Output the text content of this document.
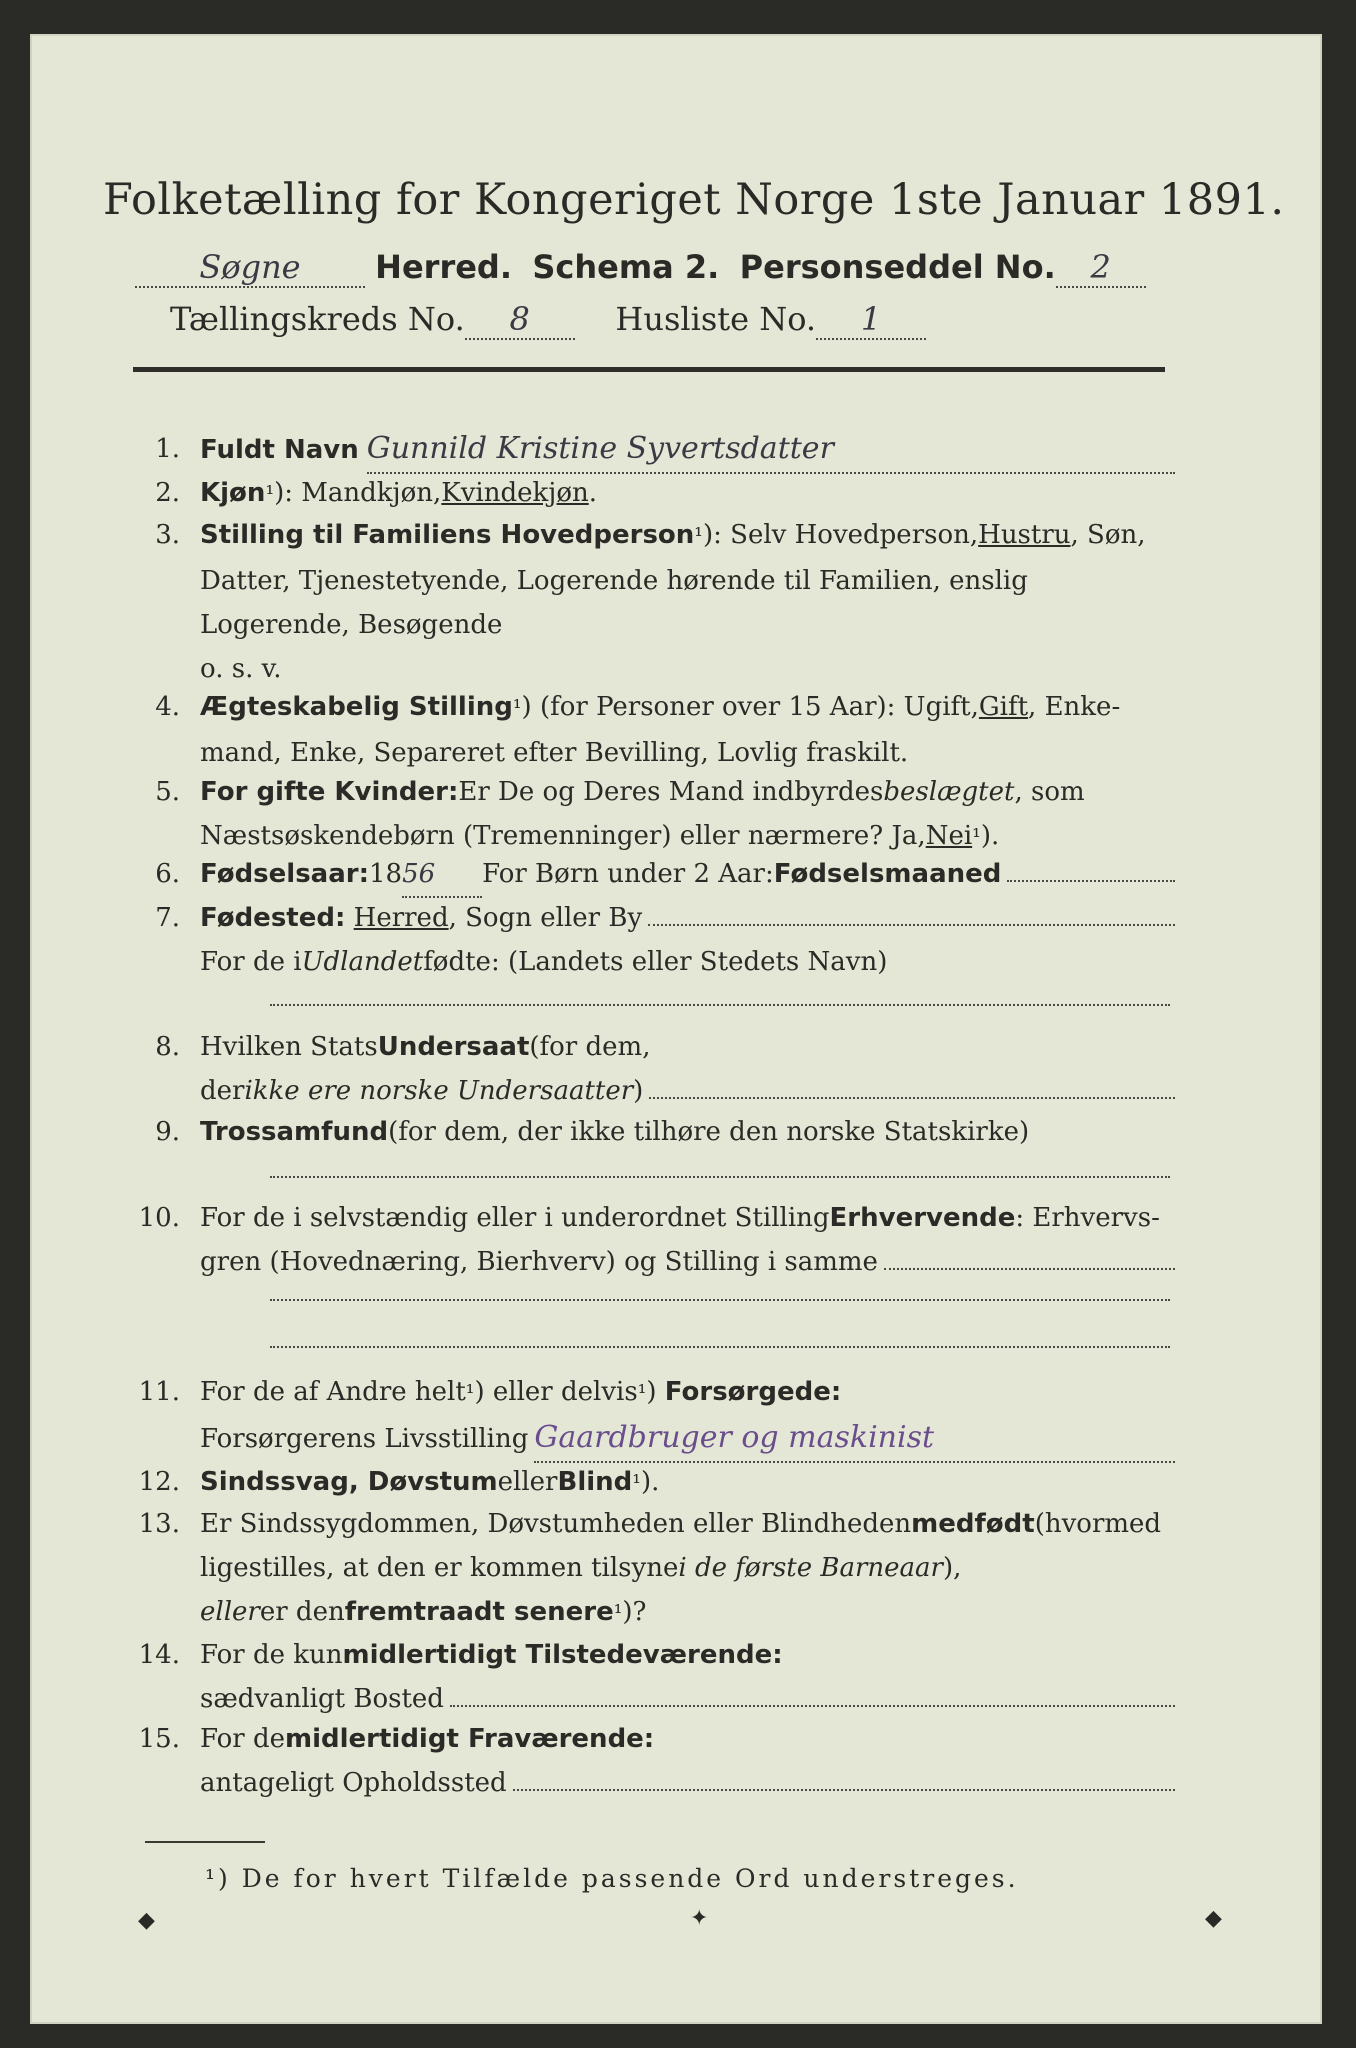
Folketælling for Kongeriget Norge 1ste Januar 1891.
Søgne Herred. Schema 2. Personseddel No. 2
Tællingskreds No. 8	Husliste No. 1
1. Fuldt Navn Gunnild Kristine Syvertsdatter
2. Kjøn ¹ ): Mandkjøn, Kvindekjøn .
3. Stilling til Familiens Hovedperson ¹ ): Selv Hovedperson, Hustru , Søn,
Datter, Tjenestetyende, Logerende hørende til Familien, enslig
Logerende, Besøgende
o. s. v.
4. Ægteskabelig Stilling ¹ ) (for Personer over 15 Aar): Ugift, Gift , Enke-
mand, Enke, Separeret efter Bevilling, Lovlig fraskilt.
5. For gifte Kvinder: Er De og Deres Mand indbyrdes beslægtet , som
Næstsøskendebørn (Tremenninger) eller nærmere? Ja, Nei ¹ ).
6. Fødselsaar: 18 56	For Børn under 2 Aar: Fødselsmaaned
7. Fødested:
Herred , Sogn eller By
For de i Udlandet fødte: (Landets eller Stedets Navn)
8. Hvilken Stats Undersaat (for dem,
der ikke ere norske Undersaatter )
9. Trossamfund (for dem, der ikke tilhøre den norske Statskirke)
10. For de i selvstændig eller i underordnet Stilling Erhvervende : Erhvervs-
gren (Hovednæring, Bierhverv) og Stilling i samme
11. For de af Andre helt ¹ ) eller delvis ¹ ) Forsørgede:
Forsørgerens Livsstilling Gaardbruger og maskinist
12. Sindssvag, Døvstum eller Blind ¹ ).
13. Er Sindssygdommen, Døvstumheden eller Blindheden medfødt (hvormed
ligestilles, at den er kommen tilsyne i de første Barneaar ),
eller er den fremtraadt senere ¹ )?
14. For de kun midlertidigt Tilstedeværende:
sædvanligt Bosted
15. For de midlertidigt Fraværende:
antageligt Opholdssted
¹) De for hvert Tilfælde passende Ord understreges.
◆	✦	◆
